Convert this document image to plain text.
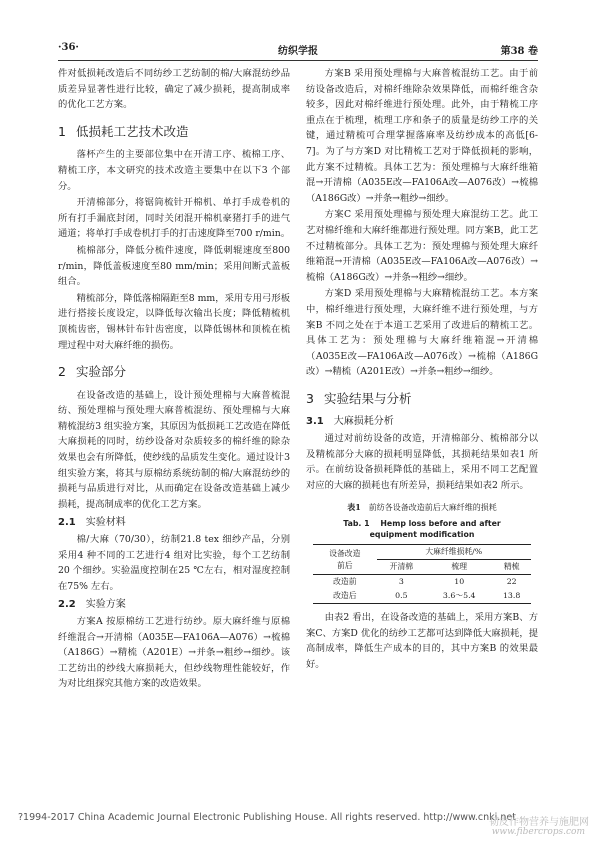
·36·	纺织学报	第38 卷

件对低损耗改造后不同纺纱工艺纺制的棉/大麻混纺纱品质差异显著性进行比较，确定了减少损耗，提高制成率的优化工艺方案。

1 低损耗工艺技术改造

落杯产生的主要部位集中在开清工序、梳棉工序、精梳工序，本文研究的技术改造主要集中在以下3 个部分。

开清棉部分，将锯筒梳针开棉机、单打手成卷机的所有打手漏底封闭，同时关闭混开棉机豪猪打手的进气通道；将单打手成卷机打手的打击速度降至700 r/min。

梳棉部分，降低分梳件速度，降低刺辊速度至800 r/min，降低盖板速度至80 mm/min；采用间断式盖板组合。

精梳部分，降低落棉隔距至8 mm，采用专用弓形板进行搭接长度设定，以降低每次输出长度；降低精梳机顶梳齿密，锡林针布针齿密度，以降低锡林和顶梳在梳理过程中对大麻纤维的损伤。

2 实验部分

在设备改造的基础上，设计预处理棉与大麻普梳混纺、预处理棉与预处理大麻普梳混纺、预处理棉与大麻精梳混纺3 组实验方案，其原因为低损耗工艺改造在降低大麻损耗的同时，纺纱设备对杂质较多的棉纤维的除杂效果也会有所降低，使纱线的品质发生变化。通过设计3 组实验方案，将其与原棉纺系统纺制的棉/大麻混纺纱的损耗与品质进行对比，从而确定在设备改造基础上减少损耗，提高制成率的优化工艺方案。

2.1 实验材料

棉/大麻（70/30），纺制21.8 tex 细纱产品，分别采用4 种不同的工艺进行4 组对比实验，每个工艺纺制20 个细纱。实验温度控制在25 ℃左右，相对湿度控制在75% 左右。

2.2 实验方案

方案A 按原棉纺工艺进行纺纱。原大麻纤维与原棉纤维混合→开清棉（A035E—FA106A—A076）→梳棉（A186G）→精梳（A201E）→并条→粗纱→细纱。该工艺纺出的纱线大麻损耗大，但纱线物理性能较好，作为对比组探究其他方案的改造效果。

方案B 采用预处理棉与大麻普梳混纺工艺。由于前纺设备改造后，对棉纤维除杂效果降低，而棉纤维含杂较多，因此对棉纤维进行预处理。此外，由于精梳工序重点在于梳理，梳理工序和条子的质量是纺纱工序的关键，通过精梳可合理掌握落麻率及纺纱成本的高低[6-7]。为了与方案D 对比精梳工艺对于降低损耗的影响，此方案不过精梳。具体工艺为：预处理棉与大麻纤维箱混→开清棉（A035E改—FA106A改—A076改）→梳棉（A186G改）→并条→粗纱→细纱。

方案C 采用预处理棉与预处理大麻混纺工艺。此工艺对棉纤维和大麻纤维都进行预处理。同方案B，此工艺不过精梳部分。具体工艺为：预处理棉与预处理大麻纤维箱混→开清棉（A035E改—FA106A改—A076改）→梳棉（A186G改）→并条→粗纱→细纱。

方案D 采用预处理棉与大麻精梳混纺工艺。本方案中，棉纤维进行预处理，大麻纤维不进行预处理，与方案B 不同之处在于本道工艺采用了改进后的精梳工艺。具体工艺为：预处理棉与大麻纤维箱混→开清棉（A035E改—FA106A改—A076改）→梳棉（A186G改）→精梳（A201E改）→并条→粗纱→细纱。

3 实验结果与分析
3.1 大麻损耗分析

通过对前纺设备的改造，开清棉部分、梳棉部分以及精梳部分大麻的损耗明显降低，其损耗结果如表1 所示。在前纺设备损耗降低的基础上，采用不同工艺配置对应的大麻的损耗也有所差异，损耗结果如表2 所示。

表1 前纺各设备改造前后大麻纤维的损耗
Tab. 1    Hemp loss before and after
equipment modification
设备改造
前后	大麻纤维损耗/%		
	开清棉	梳理	精梳
改造前	3	10	22
改造后	0.5	3.6～5.4	13.8

由表2 看出，在设备改造的基础上，采用方案B、方案C、方案D 优化的纺纱工艺都可达到降低大麻损耗，提高制成率，降低生产成本的目的，其中方案B 的效果最好。

?1994-2017 China Academic Journal Electronic Publishing House. All rights reserved. http://www.cnki.net
韧皮作物营养与施肥网
www.fibercrops.com
